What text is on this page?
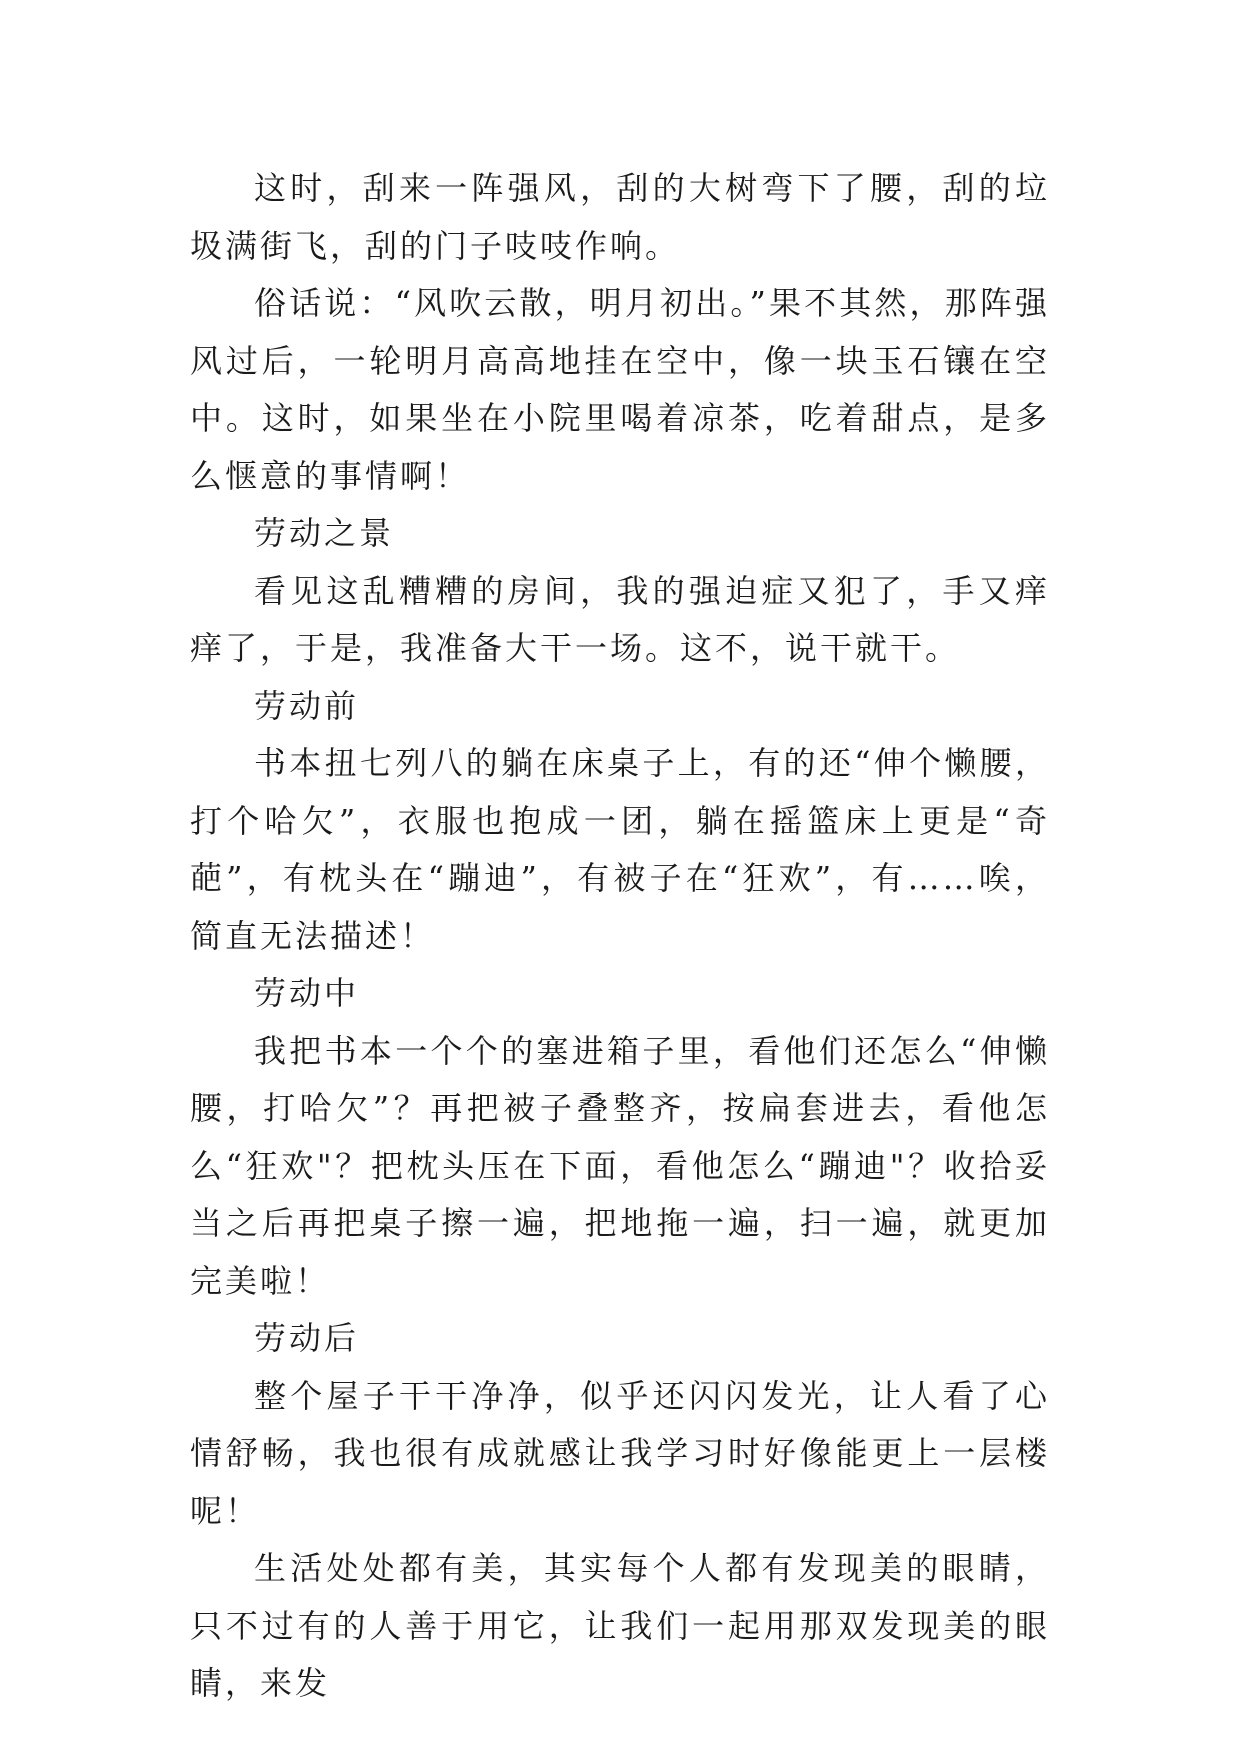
这时，刮来一阵强风，刮的大树弯下了腰，刮的垃圾满街飞，刮的门子吱吱作响。

俗话说：“风吹云散，明月初出。”果不其然，那阵强风过后，一轮明月高高地挂在空中，像一块玉石镶在空中。这时，如果坐在小院里喝着凉茶，吃着甜点，是多么惬意的事情啊！

劳动之景

看见这乱糟糟的房间，我的强迫症又犯了，手又痒痒了，于是，我准备大干一场。这不，说干就干。

劳动前

书本扭七列八的躺在床桌子上，有的还“伸个懒腰，打个哈欠”，衣服也抱成一团，躺在摇篮床上更是“奇葩”，有枕头在“蹦迪”，有被子在“狂欢”，有……唉，简直无法描述！

劳动中

我把书本一个个的塞进箱子里，看他们还怎么“伸懒腰，打哈欠”？再把被子叠整齐，按扁套进去，看他怎么“狂欢"？把枕头压在下面，看他怎么“蹦迪"？收拾妥当之后再把桌子擦一遍，把地拖一遍，扫一遍，就更加完美啦！

劳动后

整个屋子干干净净，似乎还闪闪发光，让人看了心情舒畅，我也很有成就感让我学习时好像能更上一层楼呢！

生活处处都有美，其实每个人都有发现美的眼睛，只不过有的人善于用它，让我们一起用那双发现美的眼睛，来发
